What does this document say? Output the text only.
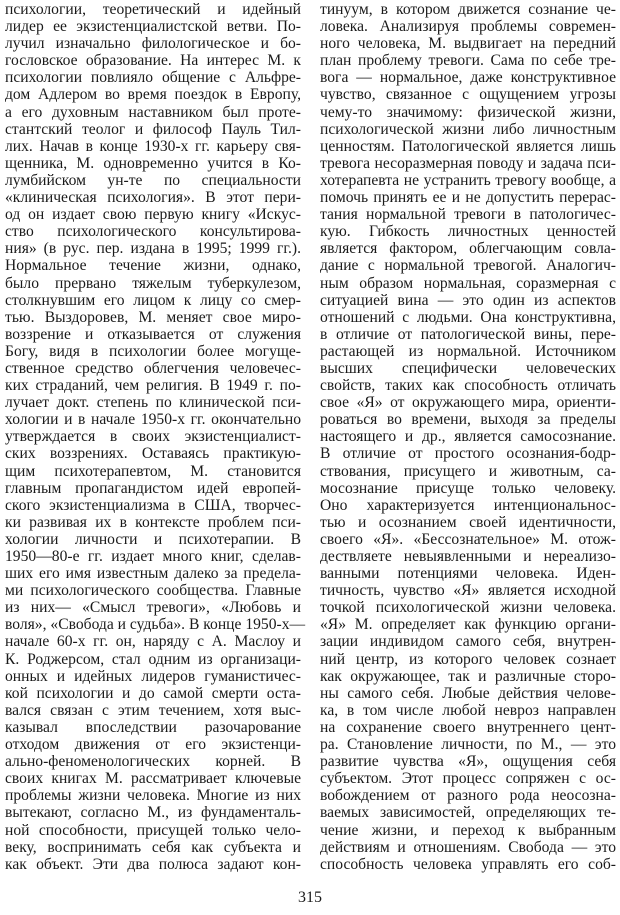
психологии, теоретический и идейный
лидер ее экзистенциалистской ветви. По-
лучил изначально филологическое и бо-
гословское образование. На интерес М. к
психологии повлияло общение с Альфре-
дом Адлером во время поездок в Европу,
а его духовным наставником был проте-
стантский теолог и философ Пауль Тил-
лих. Начав в конце 1930-х гг. карьеру свя-
щенника, М. одновременно учится в Ко-
лумбийском ун-те по специальности
«клиническая психология». В этот пери-
од он издает свою первую книгу «Искус-
ство психологического консультирова-
ния» (в рус. пер. издана в 1995; 1999 гг.).
Нормальное течение жизни, однако,
было прервано тяжелым туберкулезом,
столкнувшим его лицом к лицу со смер-
тью. Выздоровев, М. меняет свое миро-
воззрение и отказывается от служения
Богу, видя в психологии более могуще-
ственное средство облегчения человечес-
ких страданий, чем религия. В 1949 г. по-
лучает докт. степень по клинической пси-
хологии и в начале 1950-х гг. окончательно
утверждается в своих экзистенциалист-
ских воззрениях. Оставаясь практикую-
щим психотерапевтом, М. становится
главным пропагандистом идей европей-
ского экзистенциализма в США, творчес-
ки развивая их в контексте проблем пси-
хологии личности и психотерапии. В
1950—80-е гг. издает много книг, сделав-
ших его имя известным далеко за предела-
ми психологического сообщества. Главные
из них— «Смысл тревоги», «Любовь и
воля», «Свобода и судьба». В конце 1950-х—
начале 60-х гг. он, наряду с А. Маслоу и
К. Роджерсом, стал одним из организаци-
онных и идейных лидеров гуманистичес-
кой психологии и до самой смерти оста-
вался связан с этим течением, хотя выс-
казывал впоследствии разочарование
отходом движения от его экзистенци-
ально-феноменологических корней. В
своих книгах М. рассматривает ключевые
проблемы жизни человека. Многие из них
вытекают, согласно М., из фундаменталь-
ной способности, присущей только чело-
веку, воспринимать себя как субъекта и
как объект. Эти два полюса задают кон-
тинуум, в котором движется сознание че-
ловека. Анализируя проблемы современ-
ного человека, М. выдвигает на передний
план проблему тревоги. Сама по себе тре-
вога — нормальное, даже конструктивное
чувство, связанное с ощущением угрозы
чему-то значимому: физической жизни,
психологической жизни либо личностным
ценностям. Патологической является лишь
тревога несоразмерная поводу и задача пси-
хотерапевта не устранить тревогу вообще, а
помочь принять ее и не допустить перерас-
тания нормальной тревоги в патологичес-
кую. Гибкость личностных ценностей
является фактором, облегчающим совла-
дание с нормальной тревогой. Аналогич-
ным образом нормальная, соразмерная с
ситуацией вина — это один из аспектов
отношений с людьми. Она конструктивна,
в отличие от патологической вины, пере-
растающей из нормальной. Источником
высших специфически человеческих
свойств, таких как способность отличать
свое «Я» от окружающего мира, ориенти-
роваться во времени, выходя за пределы
настоящего и др., является самосознание.
В отличие от простого осознания-бодр-
ствования, присущего и животным, са-
мосознание присуще только человеку.
Оно характеризуется интенциональнос-
тью и осознанием своей идентичности,
своего «Я». «Бессознательное» М. отож-
дествляете невыявленными и нереализо-
ванными потенциями человека. Иден-
тичность, чувство «Я» является исходной
точкой психологической жизни человека.
«Я» М. определяет как функцию органи-
зации индивидом самого себя, внутрен-
ний центр, из которого человек сознает
как окружающее, так и различные сторо-
ны самого себя. Любые действия челове-
ка, в том числе любой невроз направлен
на сохранение своего внутреннего цент-
ра. Становление личности, по М., — это
развитие чувства «Я», ощущения себя
субъектом. Этот процесс сопряжен с ос-
вобождением от разного рода неосозна-
ваемых зависимостей, определяющих те-
чение жизни, и переход к выбранным
действиям и отношениям. Свобода — это
способность человека управлять его соб-
315
